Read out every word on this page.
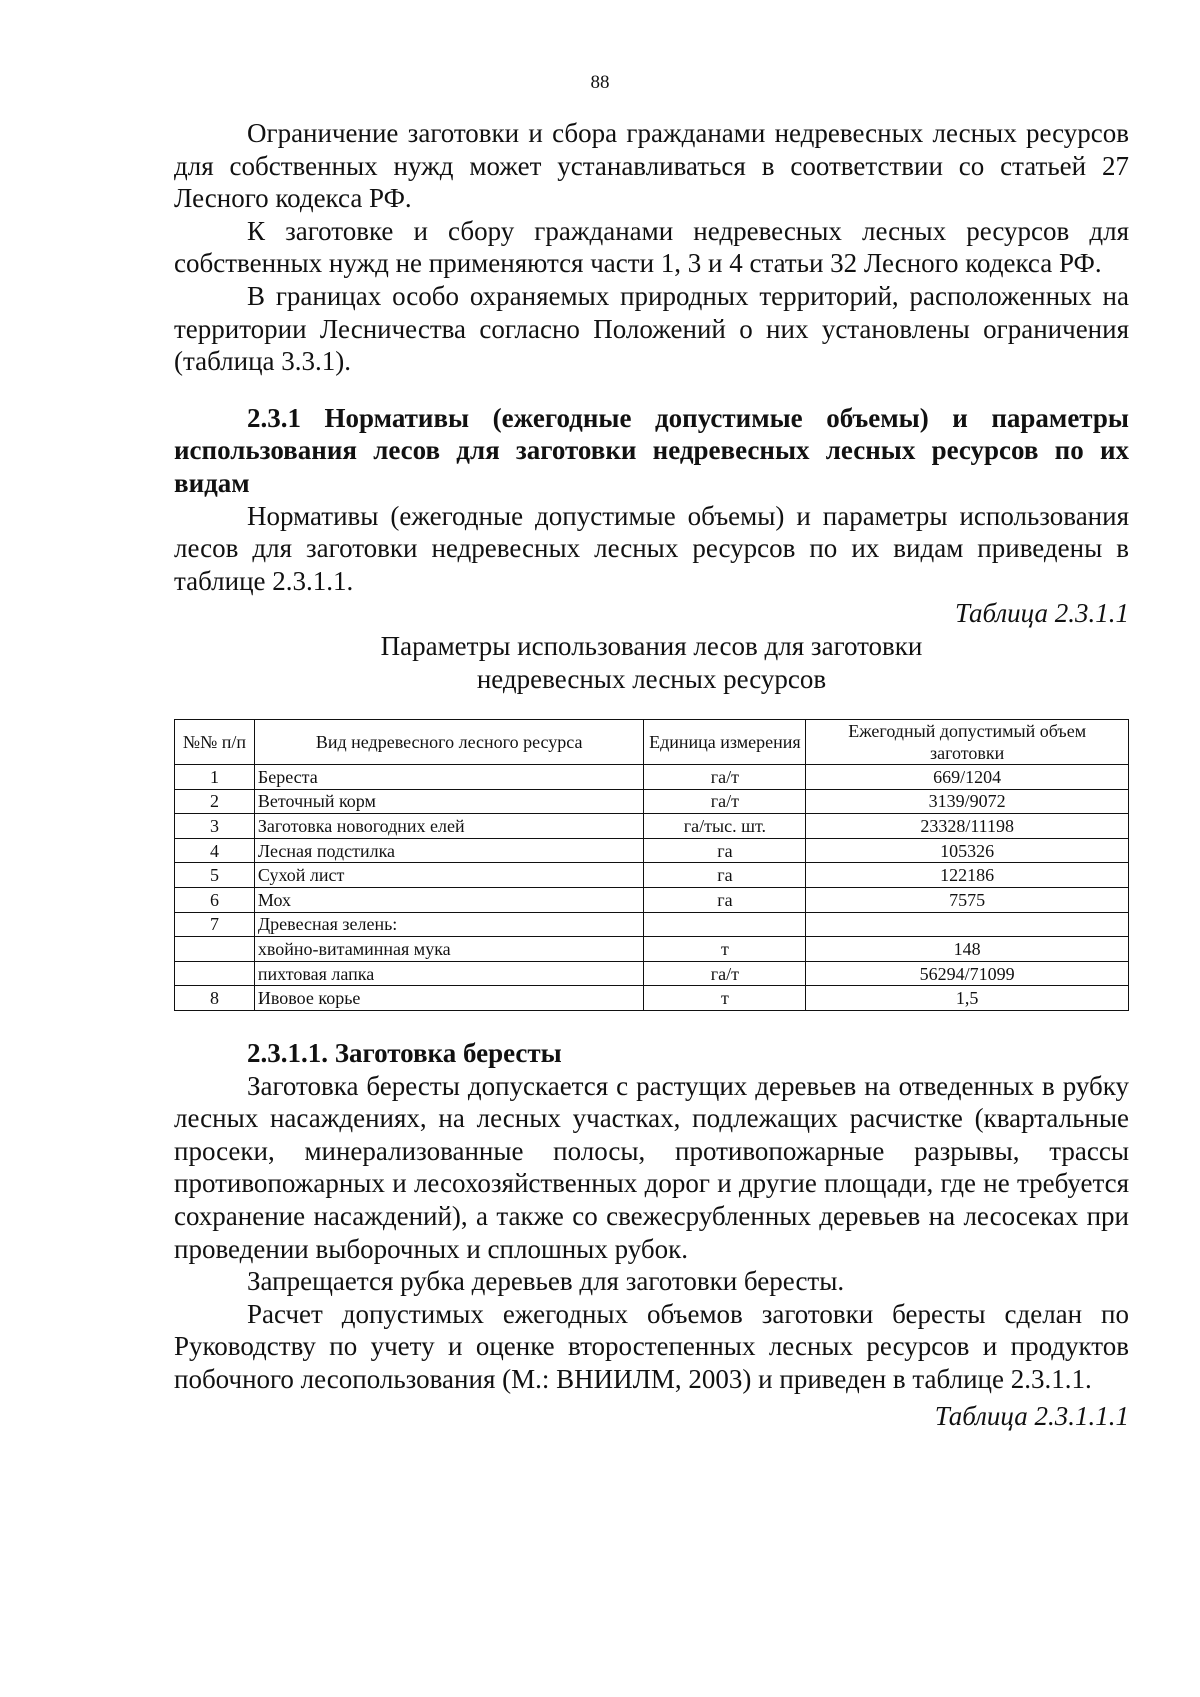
88

Ограничение заготовки и сбора гражданами недревесных лесных ресурсов для собственных нужд может устанавливаться в соответствии со статьей 27 Лесного кодекса РФ.

К заготовке и сбору гражданами недревесных лесных ресурсов для собственных нужд не применяются части 1, 3 и 4 статьи 32 Лесного кодекса РФ.

В границах особо охраняемых природных территорий, расположенных на территории Лесничества согласно Положений о них установлены ограничения (таблица 3.3.1).

2.3.1 Нормативы (ежегодные допустимые объемы) и параметры использования лесов для заготовки недревесных лесных ресурсов по их видам

Нормативы (ежегодные допустимые объемы) и параметры использования лесов для заготовки недревесных лесных ресурсов по их видам приведены в таблице 2.3.1.1.

Таблица 2.3.1.1
Параметры использования лесов для заготовки
недревесных лесных ресурсов
№№ п/п	Вид недревесного лесного ресурса	Единица измерения	Ежегодный допустимый объем заготовки
1	Береста	га/т	669/1204
2	Веточный корм	га/т	3139/9072
3	Заготовка новогодних елей	га/тыс. шт.	23328/11198
4	Лесная подстилка	га	105326
5	Сухой лист	га	122186
6	Мох	га	7575
7	Древесная зелень:		
	хвойно-витаминная мука	т	148
	пихтовая лапка	га/т	56294/71099
8	Ивовое корье	т	1,5

2.3.1.1. Заготовка бересты

Заготовка бересты допускается с растущих деревьев на отведенных в рубку лесных насаждениях, на лесных участках, подлежащих расчистке (квартальные просеки, минерализованные полосы, противопожарные разрывы, трассы противопожарных и лесохозяйственных дорог и другие площади, где не требуется сохранение насаждений), а также со свежесрубленных деревьев на лесосеках при проведении выборочных и сплошных рубок.

Запрещается рубка деревьев для заготовки бересты.

Расчет допустимых ежегодных объемов заготовки бересты сделан по Руководству по учету и оценке второстепенных лесных ресурсов и продуктов побочного лесопользования (М.: ВНИИЛМ, 2003) и приведен в таблице 2.3.1.1.

Таблица 2.3.1.1.1
